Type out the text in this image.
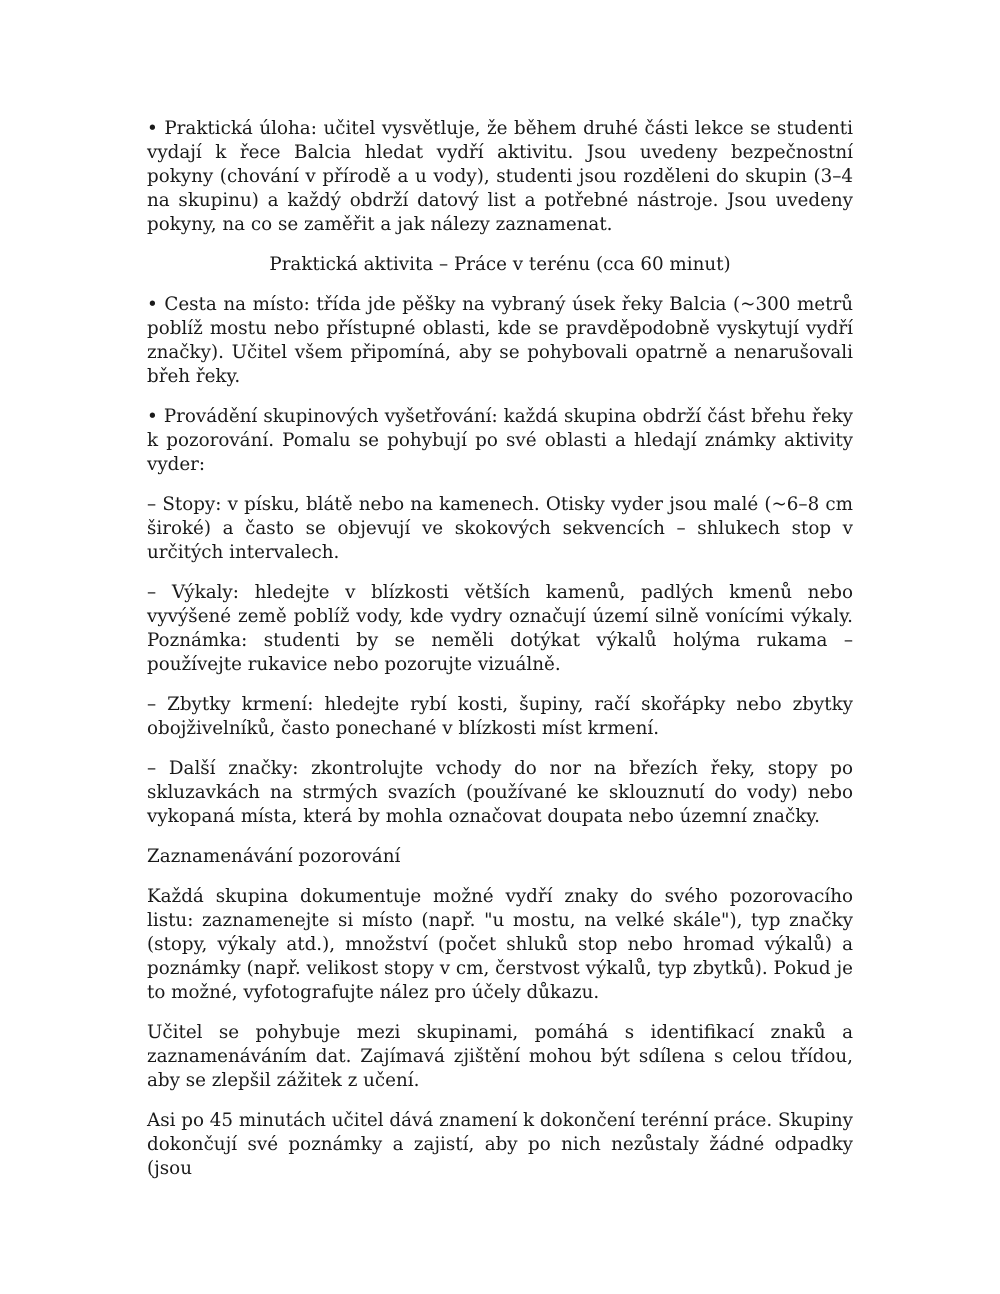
• Praktická úloha: učitel vysvětluje, že během druhé části lekce se studenti vydají k řece Balcia hledat vydří aktivitu. Jsou uvedeny bezpečnostní pokyny (chování v přírodě a u vody), studenti jsou rozděleni do skupin (3–4 na skupinu) a každý obdrží datový list a potřebné nástroje. Jsou uvedeny pokyny, na co se zaměřit a jak nálezy zaznamenat.

Praktická aktivita – Práce v terénu (cca 60 minut)

• Cesta na místo: třída jde pěšky na vybraný úsek řeky Balcia (~300 metrů poblíž mostu nebo přístupné oblasti, kde se pravděpodobně vyskytují vydří značky). Učitel všem připomíná, aby se pohybovali opatrně a nenarušovali břeh řeky.

• Provádění skupinových vyšetřování: každá skupina obdrží část břehu řeky k pozorování. Pomalu se pohybují po své oblasti a hledají známky aktivity vyder:

– Stopy: v písku, blátě nebo na kamenech. Otisky vyder jsou malé (~6–8 cm široké) a často se objevují ve skokových sekvencích – shlukech stop v určitých intervalech.

– Výkaly: hledejte v blízkosti větších kamenů, padlých kmenů nebo vyvýšené země poblíž vody, kde vydry označují území silně vonícími výkaly. Poznámka: studenti by se neměli dotýkat výkalů holýma rukama – používejte rukavice nebo pozorujte vizuálně.

– Zbytky krmení: hledejte rybí kosti, šupiny, račí skořápky nebo zbytky obojživelníků, často ponechané v blízkosti míst krmení.

– Další značky: zkontrolujte vchody do nor na březích řeky, stopy po skluzavkách na strmých svazích (používané ke sklouznutí do vody) nebo vykopaná místa, která by mohla označovat doupata nebo územní značky.

Zaznamenávání pozorování

Každá skupina dokumentuje možné vydří znaky do svého pozorovacího listu: zaznamenejte si místo (např. "u mostu, na velké skále"), typ značky (stopy, výkaly atd.), množství (počet shluků stop nebo hromad výkalů) a poznámky (např. velikost stopy v cm, čerstvost výkalů, typ zbytků). Pokud je to možné, vyfotografujte nález pro účely důkazu.

Učitel se pohybuje mezi skupinami, pomáhá s identifikací znaků a zaznamenáváním dat. Zajímavá zjištění mohou být sdílena s celou třídou, aby se zlepšil zážitek z učení.

Asi po 45 minutách učitel dává znamení k dokončení terénní práce. Skupiny dokončují své poznámky a zajistí, aby po nich nezůstaly žádné odpadky (jsou
